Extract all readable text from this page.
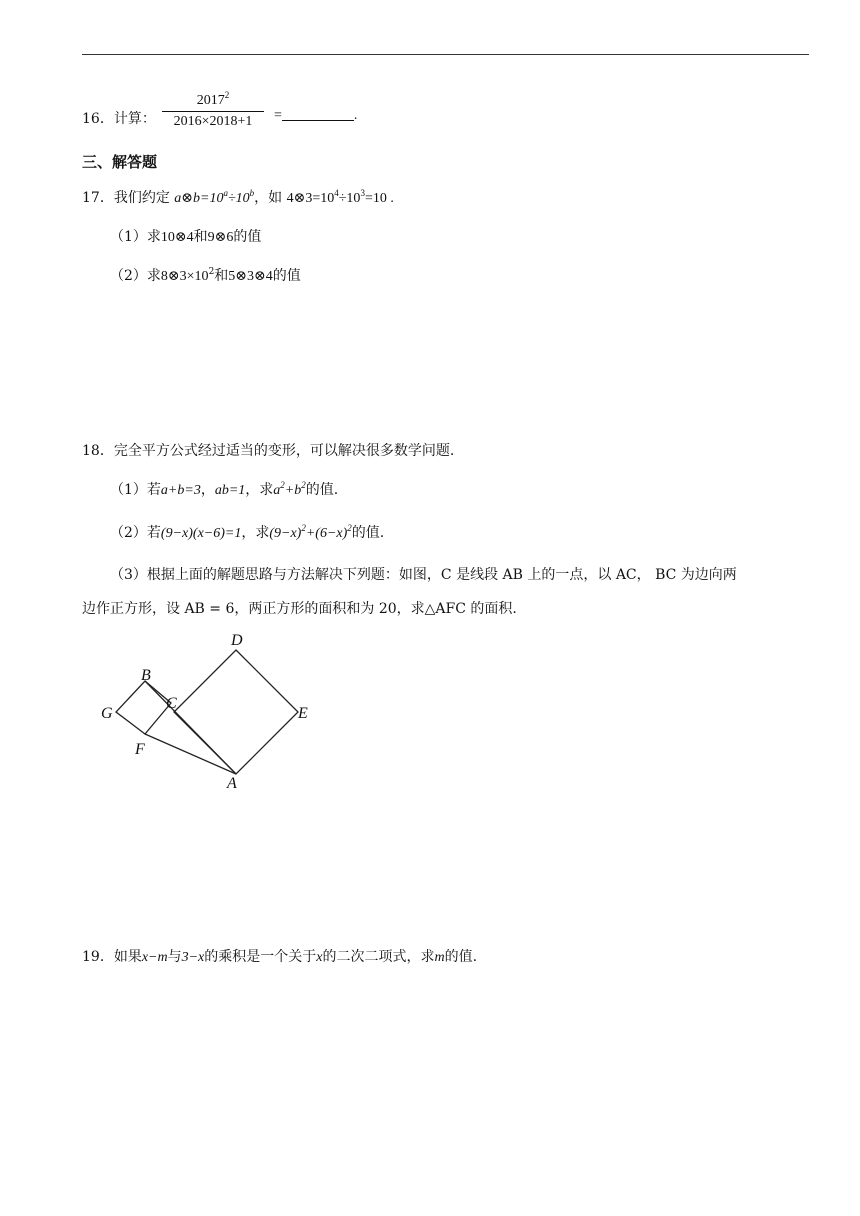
16．计算：
2017$^2$
2016×2018+1	=	.
三、解答题
17．我们约定 $a\otimes b=10^a\div 10^b$，如 $4\otimes 3=10^4\div 10^3=10$ .
（1）求10⊗4和9⊗6的值
（2）求$8\otimes 3\times 10^2$和5⊗3⊗4的值
18．完全平方公式经过适当的变形，可以解决很多数学问题.
（1）若a+b=3，ab=1，求$a^2+b^2$的值.
（2）若(9−x)(x−6)=1，求$(9-x)^2+(6-x)^2$的值.
（3）根据上面的解题思路与方法解决下列题：如图，C 是线段 AB 上的一点，以 AC， BC 为边向两
边作正方形，设 AB = 6，两正方形的面积和为 20，求△AFC 的面积.
D
B
C
G	E
F
A
19．如果x−m与3−x的乘积是一个关于x的二次二项式，求m的值.
